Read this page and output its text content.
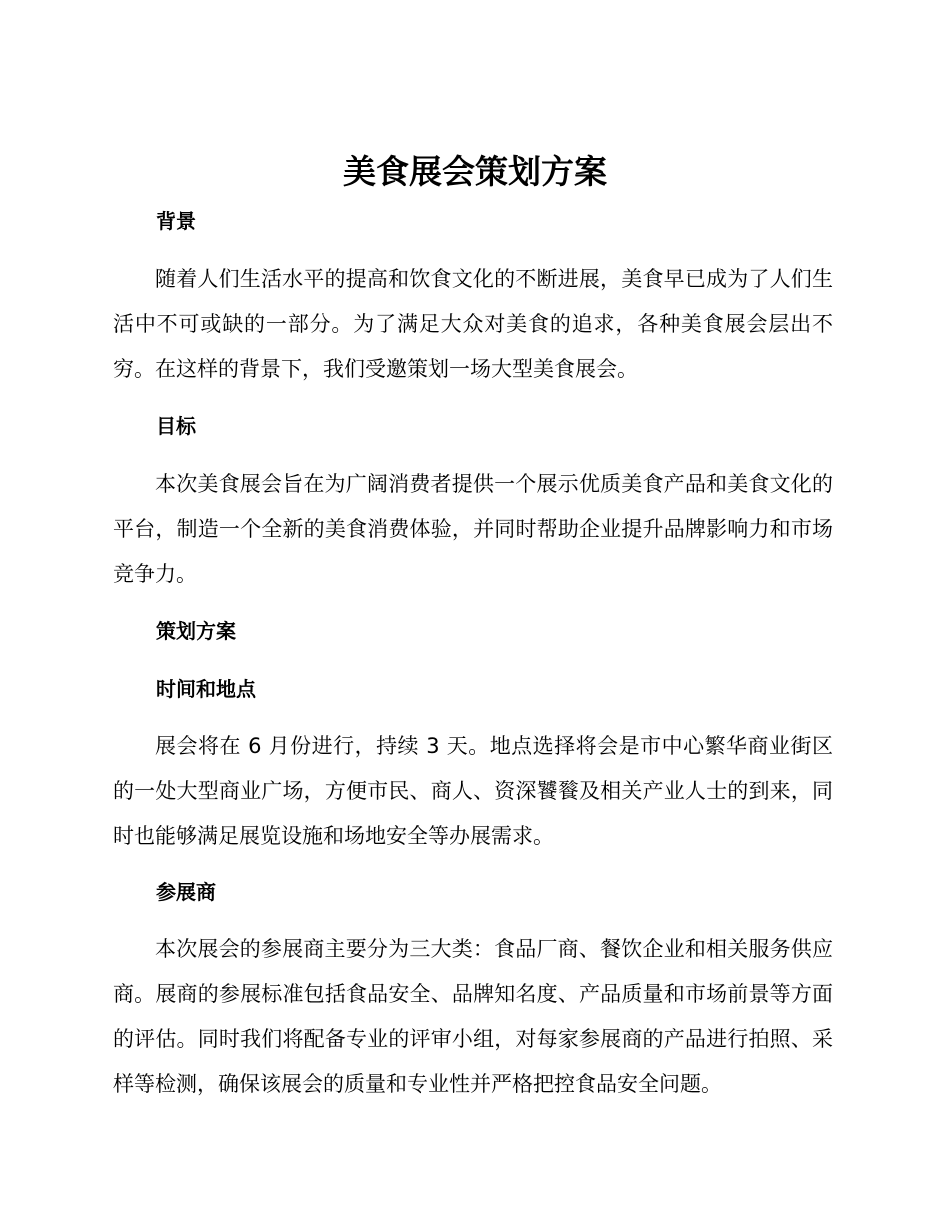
美食展会策划方案
背景

随着人们生活水平的提高和饮食文化的不断进展，美食早已成为了人们生活中不可或缺的一部分。为了满足大众对美食的追求，各种美食展会层出不穷。在这样的背景下，我们受邀策划一场大型美食展会。

目标

本次美食展会旨在为广阔消费者提供一个展示优质美食产品和美食文化的平台，制造一个全新的美食消费体验，并同时帮助企业提升品牌影响力和市场竞争力。

策划方案
时间和地点

展会将在 6 月份进行，持续 3 天。地点选择将会是市中心繁华商业街区的一处大型商业广场，方便市民、商人、资深饕餮及相关产业人士的到来，同时也能够满足展览设施和场地安全等办展需求。

参展商

本次展会的参展商主要分为三大类：食品厂商、餐饮企业和相关服务供应商。展商的参展标准包括食品安全、品牌知名度、产品质量和市场前景等方面的评估。同时我们将配备专业的评审小组，对每家参展商的产品进行拍照、采样等检测，确保该展会的质量和专业性并严格把控食品安全问题。
